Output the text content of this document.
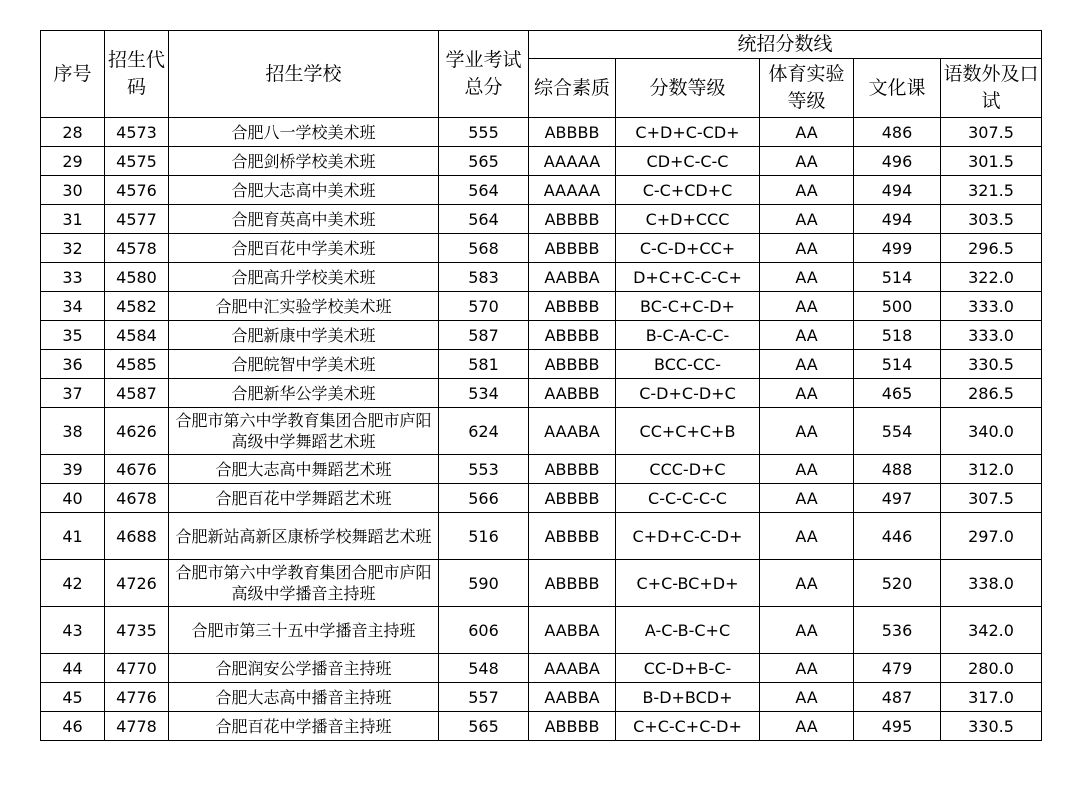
序号	招生代码	招生学校	学业考试总分	统招分数线				
				综合素质	分数等级	体育实验等级	文化课	语数外及口试
28	4573	合肥八一学校美术班	555	ABBBB	C+D+C-CD+	AA	486	307.5
29	4575	合肥剑桥学校美术班	565	AAAAA	CD+C-C-C	AA	496	301.5
30	4576	合肥大志高中美术班	564	AAAAA	C-C+CD+C	AA	494	321.5
31	4577	合肥育英高中美术班	564	ABBBB	C+D+CCC	AA	494	303.5
32	4578	合肥百花中学美术班	568	ABBBB	C-C-D+CC+	AA	499	296.5
33	4580	合肥高升学校美术班	583	AABBA	D+C+C-C-C+	AA	514	322.0
34	4582	合肥中汇实验学校美术班	570	ABBBB	BC-C+C-D+	AA	500	333.0
35	4584	合肥新康中学美术班	587	ABBBB	B-C-A-C-C-	AA	518	333.0
36	4585	合肥皖智中学美术班	581	ABBBB	BCC-CC-	AA	514	330.5
37	4587	合肥新华公学美术班	534	AABBB	C-D+C-D+C	AA	465	286.5
38	4626	合肥市第六中学教育集团合肥市庐阳高级中学舞蹈艺术班	624	AAABA	CC+C+C+B	AA	554	340.0
39	4676	合肥大志高中舞蹈艺术班	553	ABBBB	CCC-D+C	AA	488	312.0
40	4678	合肥百花中学舞蹈艺术班	566	ABBBB	C-C-C-C-C	AA	497	307.5
41	4688	合肥新站高新区康桥学校舞蹈艺术班	516	ABBBB	C+D+C-C-D+	AA	446	297.0
42	4726	合肥市第六中学教育集团合肥市庐阳高级中学播音主持班	590	ABBBB	C+C-BC+D+	AA	520	338.0
43	4735	合肥市第三十五中学播音主持班	606	AABBA	A-C-B-C+C	AA	536	342.0
44	4770	合肥润安公学播音主持班	548	AAABA	CC-D+B-C-	AA	479	280.0
45	4776	合肥大志高中播音主持班	557	AABBA	B-D+BCD+	AA	487	317.0
46	4778	合肥百花中学播音主持班	565	ABBBB	C+C-C+C-D+	AA	495	330.5
